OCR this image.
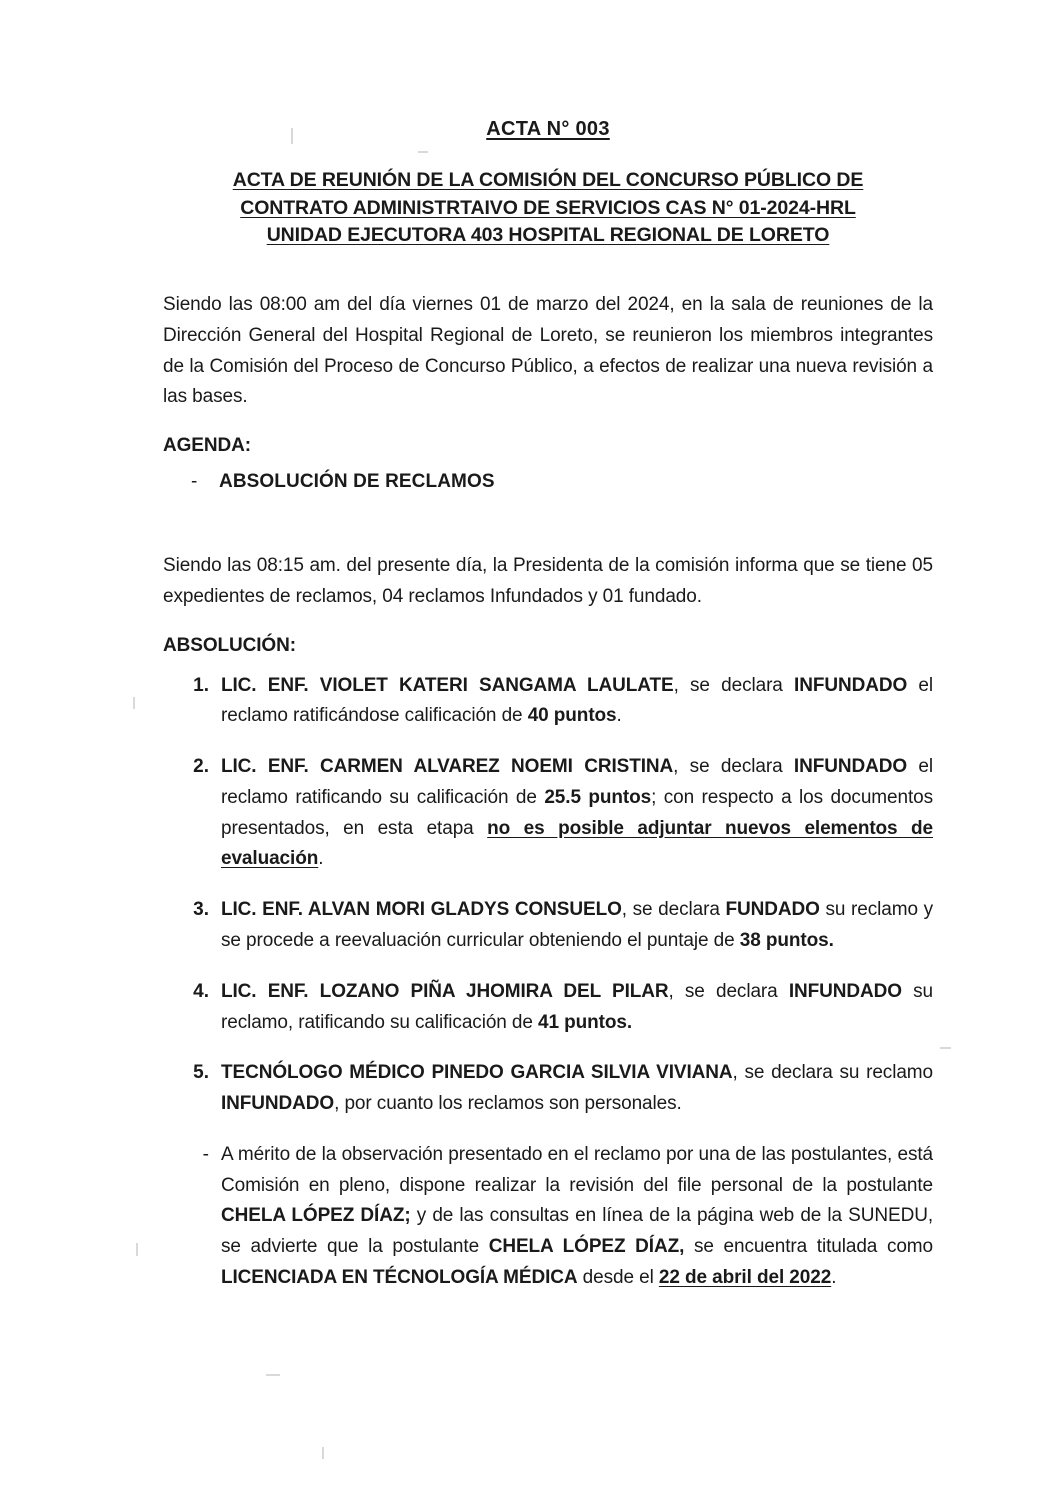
ACTA N° 003
ACTA DE REUNIÓN DE LA COMISIÓN DEL CONCURSO PÚBLICO DE
CONTRATO ADMINISTRTAIVO DE SERVICIOS CAS N° 01-2024-HRL
UNIDAD EJECUTORA 403 HOSPITAL REGIONAL DE LORETO

Siendo las 08:00 am del día viernes 01 de marzo del 2024, en la sala de reuniones de la Dirección General del Hospital Regional de Loreto, se reunieron los miembros integrantes de la Comisión del Proceso de Concurso Público, a efectos de realizar una nueva revisión a las bases.

AGENDA:

-	ABSOLUCIÓN DE RECLAMOS

Siendo las 08:15 am. del presente día, la Presidenta de la comisión informa que se tiene 05 expedientes de reclamos, 04 reclamos Infundados y 01 fundado.

ABSOLUCIÓN:

1. LIC. ENF. VIOLET KATERI SANGAMA LAULATE, se declara INFUNDADO el reclamo ratificándose calificación de 40 puntos.
2. LIC. ENF. CARMEN ALVAREZ NOEMI CRISTINA, se declara INFUNDADO el reclamo ratificando su calificación de 25.5 puntos; con respecto a los documentos presentados, en esta etapa no es posible adjuntar nuevos elementos de evaluación.
3. LIC. ENF. ALVAN MORI GLADYS CONSUELO, se declara FUNDADO su reclamo y se procede a reevaluación curricular obteniendo el puntaje de 38 puntos.
4. LIC. ENF. LOZANO PIÑA JHOMIRA DEL PILAR, se declara INFUNDADO su reclamo, ratificando su calificación de 41 puntos.
5. TECNÓLOGO MÉDICO PINEDO GARCIA SILVIA VIVIANA, se declara su reclamo INFUNDADO, por cuanto los reclamos son personales.
- A mérito de la observación presentado en el reclamo por una de las postulantes, está Comisión en pleno, dispone realizar la revisión del file personal de la postulante CHELA LÓPEZ DÍAZ; y de las consultas en línea de la página web de la SUNEDU, se advierte que la postulante CHELA LÓPEZ DÍAZ, se encuentra titulada como LICENCIADA EN TÉCNOLOGÍA MÉDICA desde el 22 de abril del 2022.
